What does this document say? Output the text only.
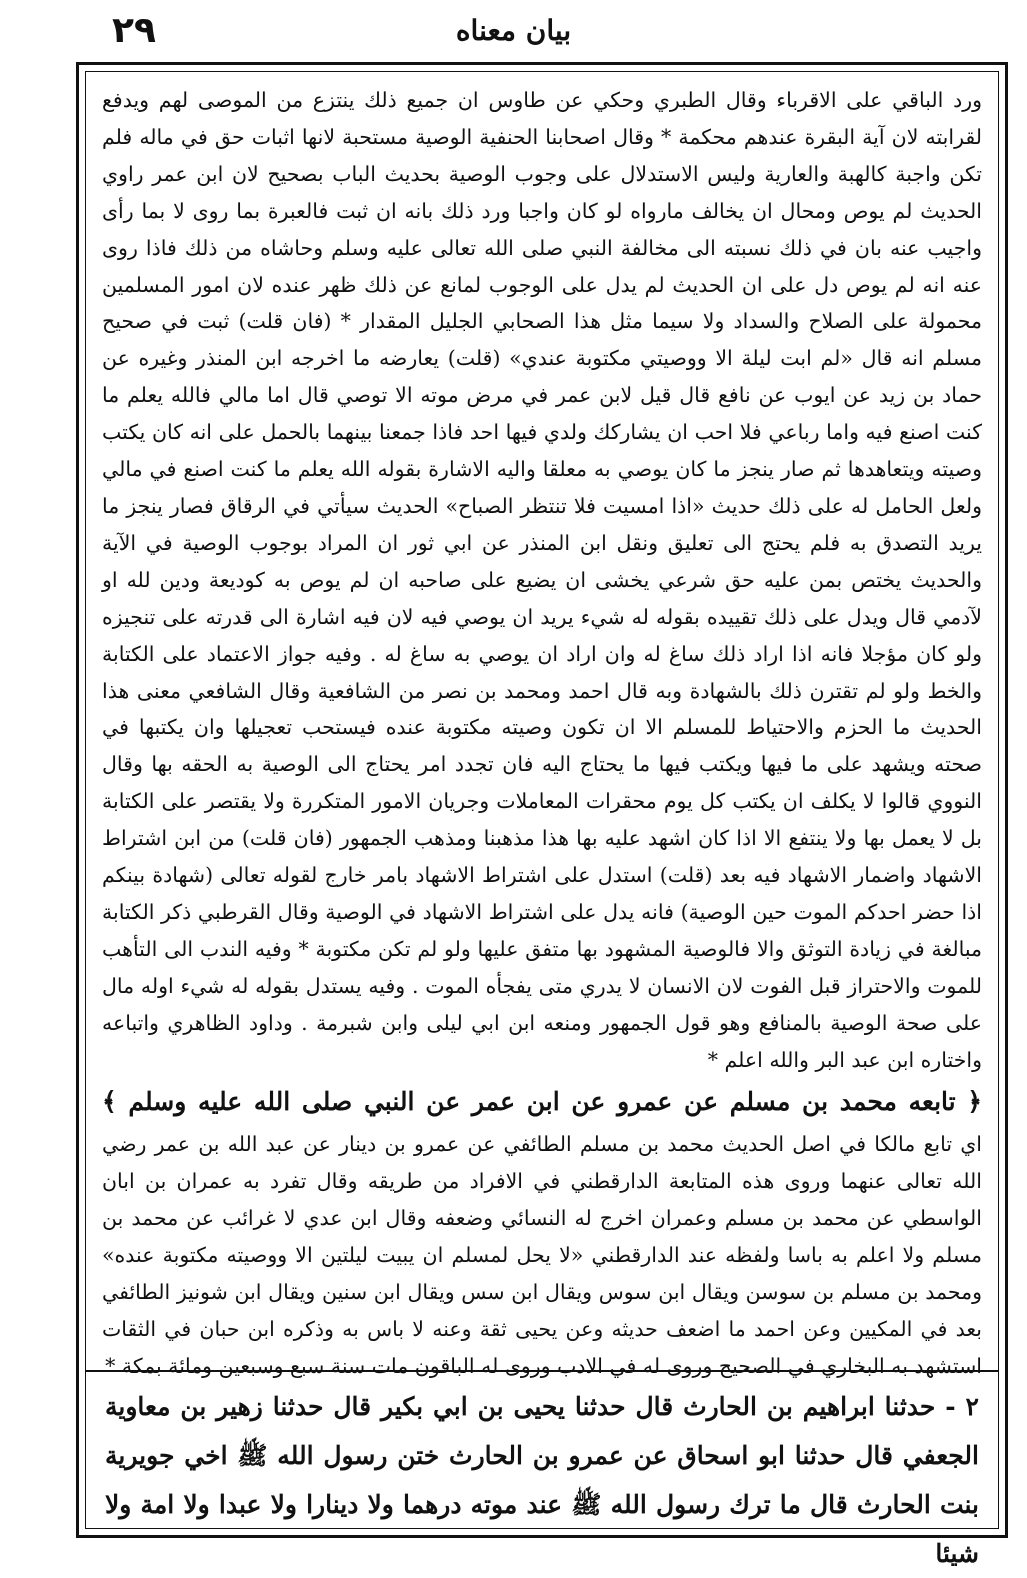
٢٩	بيان معناه

ورد الباقي على الاقرباء وقال الطبري وحكي عن طاوس ان جميع ذلك ينتزع من الموصى لهم ويدفع لقرابته لان آية البقرة عندهم محكمة * وقال اصحابنا الحنفية الوصية مستحبة لانها اثبات حق في ماله فلم تكن واجبة كالهبة والعارية وليس الاستدلال على وجوب الوصية بحديث الباب بصحيح لان ابن عمر راوي الحديث لم يوص ومحال ان يخالف مارواه لو كان واجبا ورد ذلك بانه ان ثبت فالعبرة بما روى لا بما رأى واجيب عنه بان في ذلك نسبته الى مخالفة النبي صلى الله تعالى عليه وسلم وحاشاه من ذلك فاذا روى عنه انه لم يوص دل على ان الحديث لم يدل على الوجوب لمانع عن ذلك ظهر عنده لان امور المسلمين محمولة على الصلاح والسداد ولا سيما مثل هذا الصحابي الجليل المقدار * (فان قلت) ثبت في صحيح مسلم انه قال «لم ابت ليلة الا ووصيتي مكتوبة عندي» (قلت) يعارضه ما اخرجه ابن المنذر وغيره عن حماد بن زيد عن ايوب عن نافع قال قيل لابن عمر في مرض موته الا توصي قال اما مالي فالله يعلم ما كنت اصنع فيه واما رباعي فلا احب ان يشاركك ولدي فيها احد فاذا جمعنا بينهما بالحمل على انه كان يكتب وصيته ويتعاهدها ثم صار ينجز ما كان يوصي به معلقا واليه الاشارة بقوله الله يعلم ما كنت اصنع في مالي ولعل الحامل له على ذلك حديث «اذا امسيت فلا تنتظر الصباح» الحديث سيأتي في الرقاق فصار ينجز ما يريد التصدق به فلم يحتج الى تعليق ونقل ابن المنذر عن ابي ثور ان المراد بوجوب الوصية في الآية والحديث يختص بمن عليه حق شرعي يخشى ان يضيع على صاحبه ان لم يوص به كوديعة ودين لله او لآدمي قال ويدل على ذلك تقييده بقوله له شيء يريد ان يوصي فيه لان فيه اشارة الى قدرته على تنجيزه ولو كان مؤجلا فانه اذا اراد ذلك ساغ له وان اراد ان يوصي به ساغ له . وفيه جواز الاعتماد على الكتابة والخط ولو لم تقترن ذلك بالشهادة وبه قال احمد ومحمد بن نصر من الشافعية وقال الشافعي معنى هذا الحديث ما الحزم والاحتياط للمسلم الا ان تكون وصيته مكتوبة عنده فيستحب تعجيلها وان يكتبها في صحته ويشهد على ما فيها ويكتب فيها ما يحتاج اليه فان تجدد امر يحتاج الى الوصية به الحقه بها وقال النووي قالوا لا يكلف ان يكتب كل يوم محقرات المعاملات وجريان الامور المتكررة ولا يقتصر على الكتابة بل لا يعمل بها ولا ينتفع الا اذا كان اشهد عليه بها هذا مذهبنا ومذهب الجمهور (فان قلت) من ابن اشتراط الاشهاد واضمار الاشهاد فيه بعد (قلت) استدل على اشتراط الاشهاد بامر خارج لقوله تعالى (شهادة بينكم اذا حضر احدكم الموت حين الوصية) فانه يدل على اشتراط الاشهاد في الوصية وقال القرطبي ذكر الكتابة مبالغة في زيادة التوثق والا فالوصية المشهود بها متفق عليها ولو لم تكن مكتوبة * وفيه الندب الى التأهب للموت والاحتراز قبل الفوت لان الانسان لا يدري متى يفجأه الموت . وفيه يستدل بقوله له شيء اوله مال على صحة الوصية بالمنافع وهو قول الجمهور ومنعه ابن ابي ليلى وابن شبرمة . وداود الظاهري واتباعه واختاره ابن عبد البر والله اعلم *

﴿ تابعه محمد بن مسلم عن عمرو عن ابن عمر عن النبي صلى الله عليه وسلم ﴾

اي تابع مالكا في اصل الحديث محمد بن مسلم الطائفي عن عمرو بن دينار عن عبد الله بن عمر رضي الله تعالى عنهما وروى هذه المتابعة الدارقطني في الافراد من طريقه وقال تفرد به عمران بن ابان الواسطي عن محمد بن مسلم وعمران اخرج له النسائي وضعفه وقال ابن عدي لا غرائب عن محمد بن مسلم ولا اعلم به باسا ولفظه عند الدارقطني «لا يحل لمسلم ان يبيت ليلتين الا ووصيته مكتوبة عنده» ومحمد بن مسلم بن سوسن ويقال ابن سوس ويقال ابن سس ويقال ابن سنين ويقال ابن شونيز الطائفي بعد في المكيين وعن احمد ما اضعف حديثه وعن يحيى ثقة وعنه لا باس به وذكره ابن حبان في الثقات استشهد به البخاري في الصحيح وروى له في الادب وروى له الباقون مات سنة سبع وسبعين ومائة بمكة *

٢ - حدثنا ابراهيم بن الحارث قال حدثنا يحيى بن ابي بكير قال حدثنا زهير بن معاوية الجعفي قال حدثنا ابو اسحاق عن عمرو بن الحارث ختن رسول الله ﷺ اخي جويرية بنت الحارث قال ما ترك رسول الله ﷺ عند موته درهما ولا دينارا ولا عبدا ولا امة ولا شيئا
